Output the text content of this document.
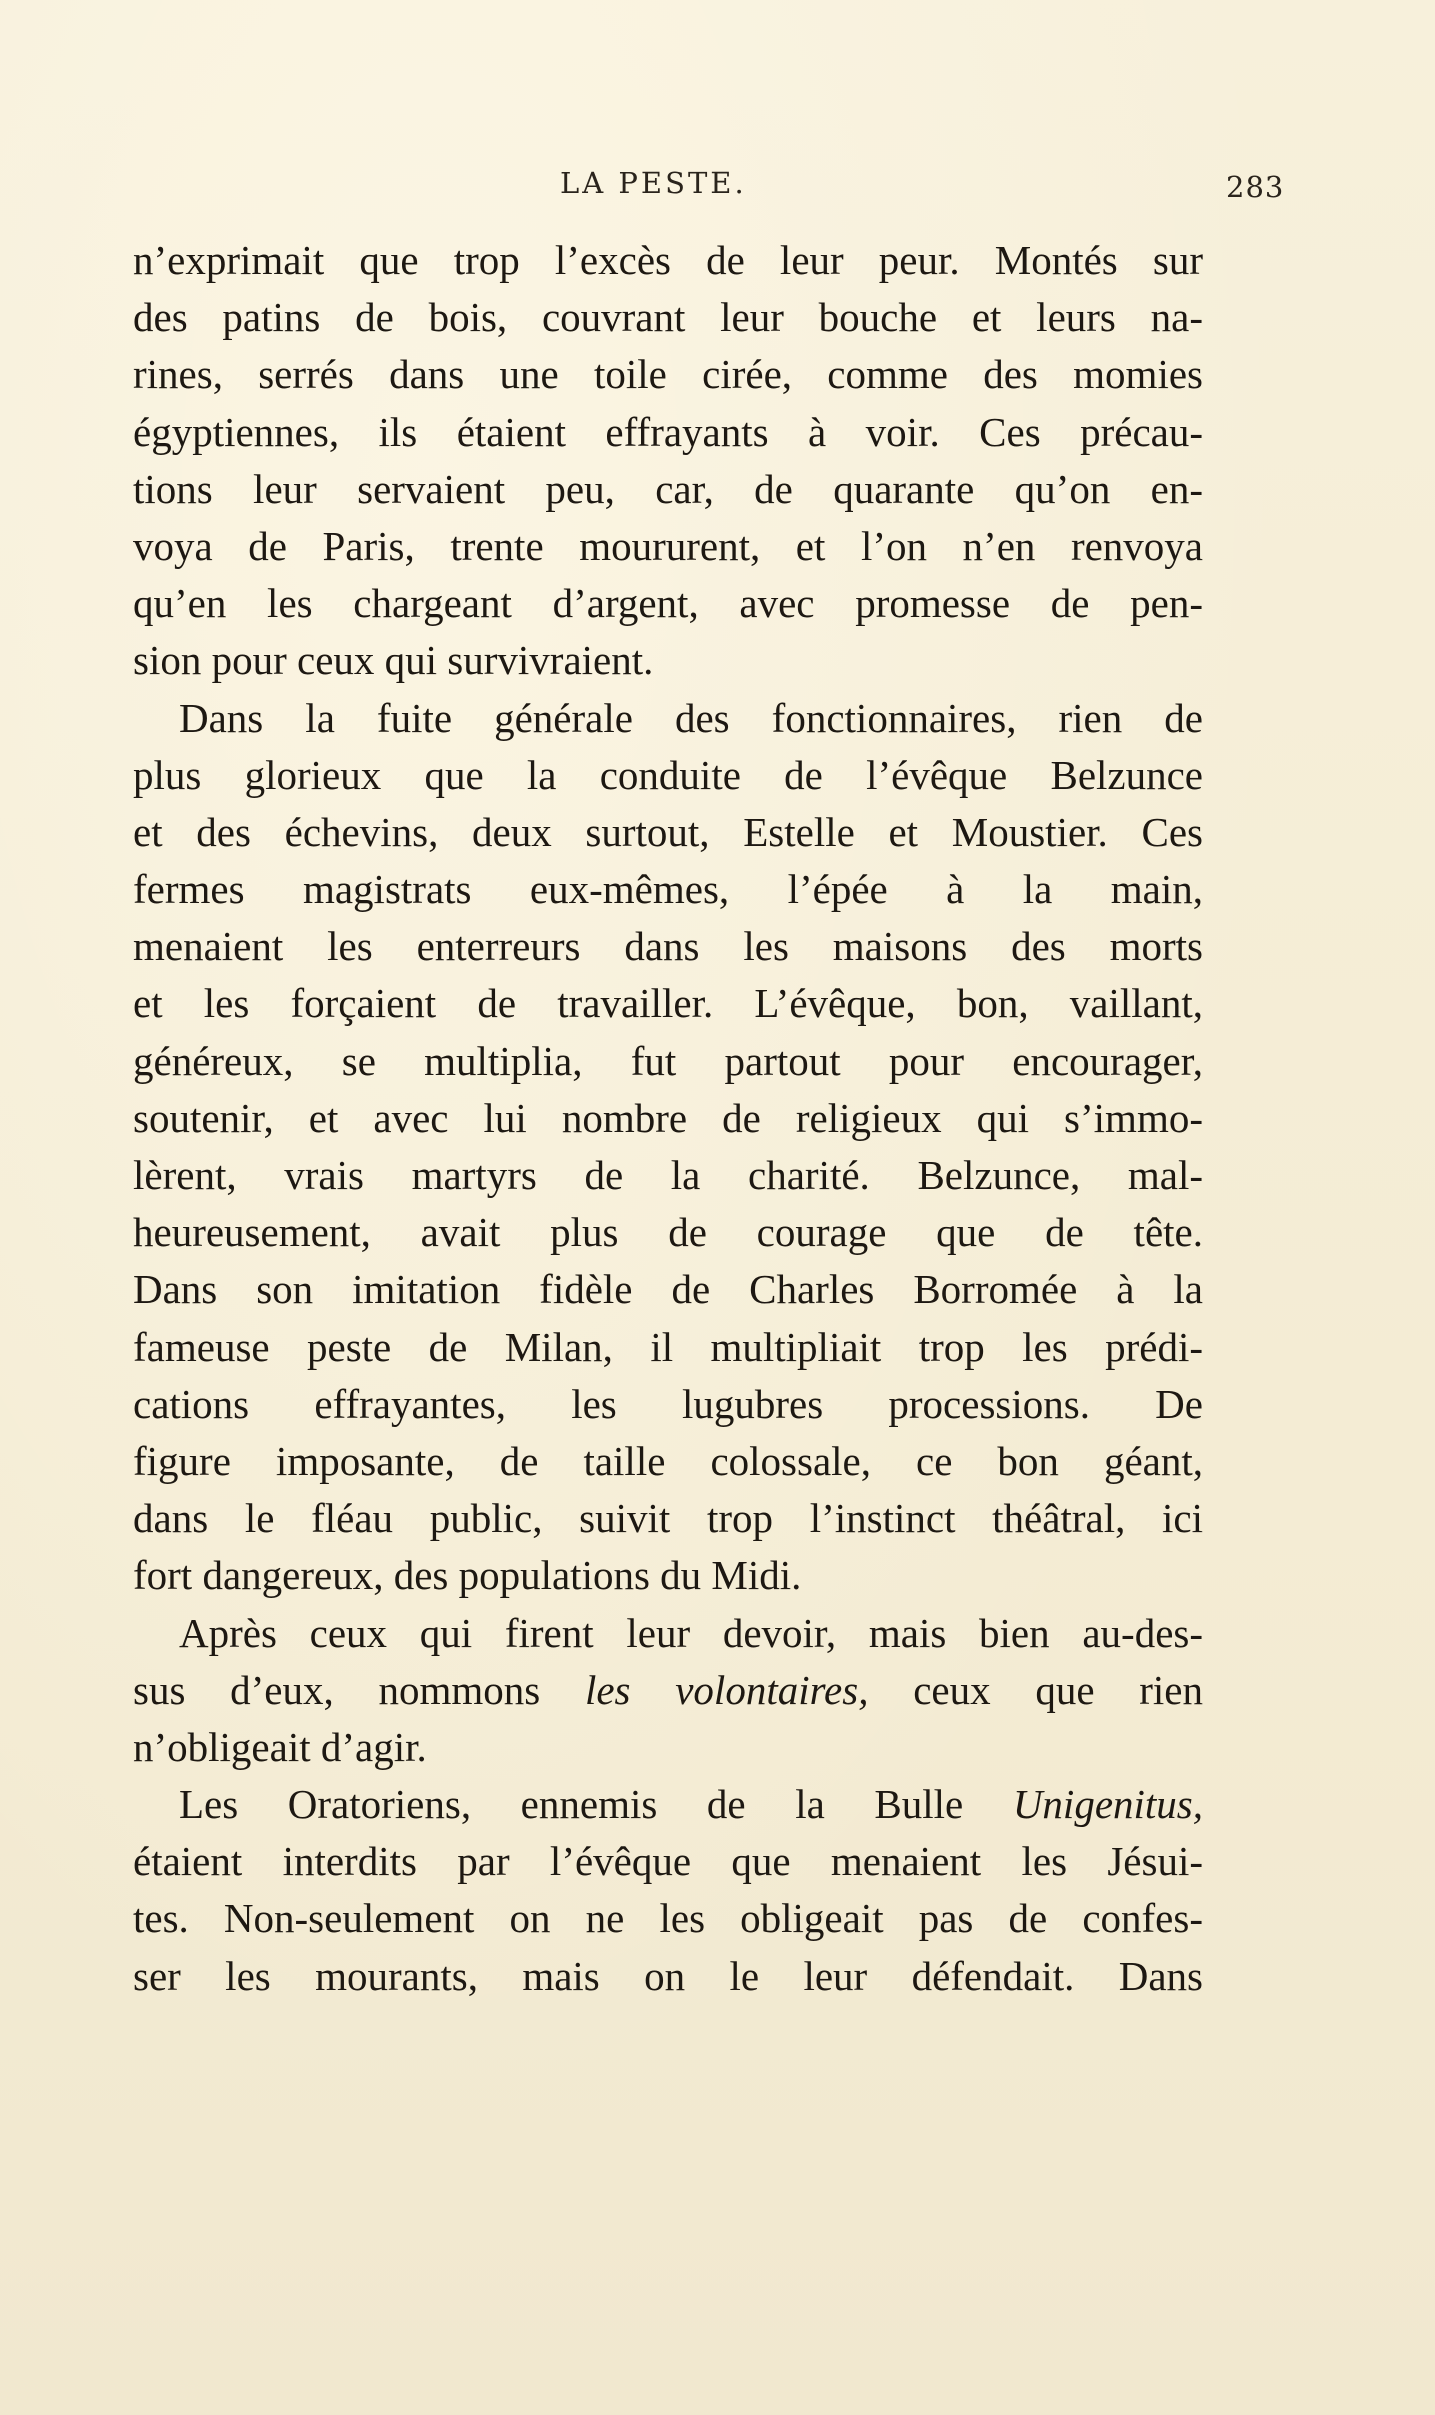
LA PESTE.	283
n’exprimait que trop l’excès de leur peur. Montés sur
des patins de bois, couvrant leur bouche et leurs na-
rines, serrés dans une toile cirée, comme des momies
égyptiennes, ils étaient effrayants à voir. Ces précau-
tions leur servaient peu, car, de quarante qu’on en-
voya de Paris, trente moururent, et l’on n’en renvoya
qu’en les chargeant d’argent, avec promesse de pen-
sion pour ceux qui survivraient.
Dans la fuite générale des fonctionnaires, rien de
plus glorieux que la conduite de l’évêque Belzunce
et des échevins, deux surtout, Estelle et Moustier. Ces
fermes magistrats eux-mêmes, l’épée à la main,
menaient les enterreurs dans les maisons des morts
et les forçaient de travailler. L’évêque, bon, vaillant,
généreux, se multiplia, fut partout pour encourager,
soutenir, et avec lui nombre de religieux qui s’immo-
lèrent, vrais martyrs de la charité. Belzunce, mal-
heureusement, avait plus de courage que de tête.
Dans son imitation fidèle de Charles Borromée à la
fameuse peste de Milan, il multipliait trop les prédi-
cations effrayantes, les lugubres processions. De
figure imposante, de taille colossale, ce bon géant,
dans le fléau public, suivit trop l’instinct théâtral, ici
fort dangereux, des populations du Midi.
Après ceux qui firent leur devoir, mais bien au-des-
sus d’eux, nommons les volontaires, ceux que rien
n’obligeait d’agir.
Les Oratoriens, ennemis de la Bulle Unigenitus,
étaient interdits par l’évêque que menaient les Jésui-
tes. Non-seulement on ne les obligeait pas de confes-
ser les mourants, mais on le leur défendait. Dans
